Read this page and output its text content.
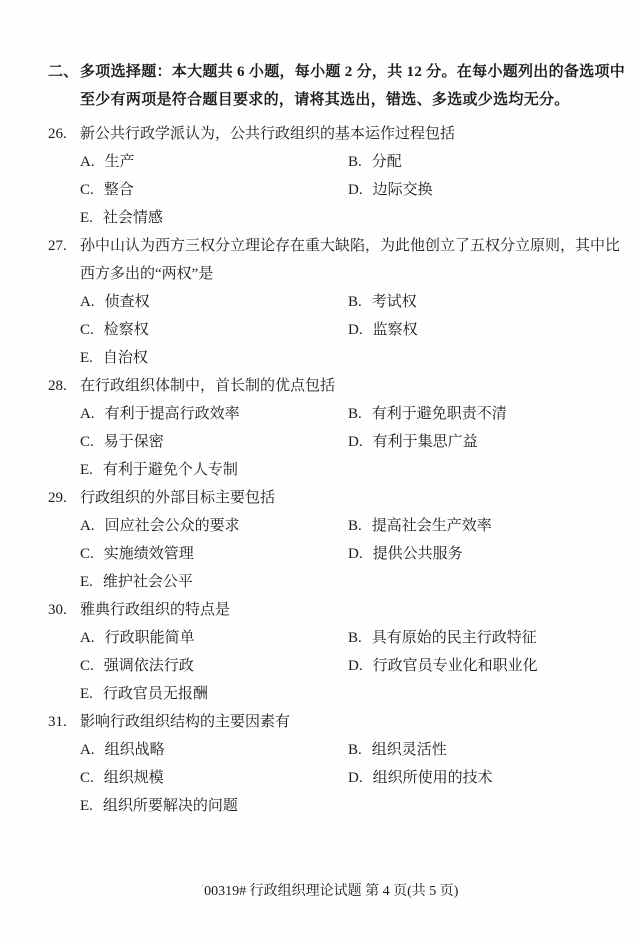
二、 多项选择题：本大题共 6 小题，每小题 2 分，共 12 分。在每小题列出的备选项中
至少有两项是符合题目要求的，请将其选出，错选、多选或少选均无分。
26. 新公共行政学派认为，公共行政组织的基本运作过程包括
A. 生产	B. 分配
C. 整合	D. 边际交换
E. 社会情感
27. 孙中山认为西方三权分立理论存在重大缺陷，为此他创立了五权分立原则，其中比
西方多出的“两权”是
A. 侦查权	B. 考试权
C. 检察权	D. 监察权
E. 自治权
28. 在行政组织体制中，首长制的优点包括
A. 有利于提高行政效率	B. 有利于避免职责不清
C. 易于保密	D. 有利于集思广益
E. 有利于避免个人专制
29. 行政组织的外部目标主要包括
A. 回应社会公众的要求	B. 提高社会生产效率
C. 实施绩效管理	D. 提供公共服务
E. 维护社会公平
30. 雅典行政组织的特点是
A. 行政职能简单	B. 具有原始的民主行政特征
C. 强调依法行政	D. 行政官员专业化和职业化
E. 行政官员无报酬
31. 影响行政组织结构的主要因素有
A. 组织战略	B. 组织灵活性
C. 组织规模	D. 组织所使用的技术
E. 组织所要解决的问题
'00319# 行政组织理论试题 第 4 页(共 5 页)
